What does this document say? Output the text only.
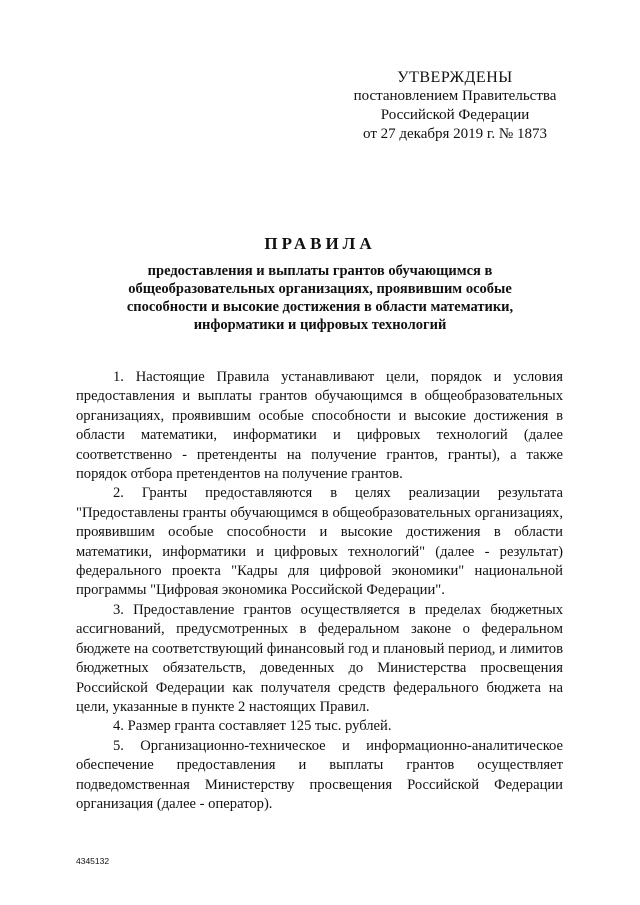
УТВЕРЖДЕНЫ
постановлением Правительства
Российской Федерации
от 27 декабря 2019 г. № 1873
ПРАВИЛА
предоставления и выплаты грантов обучающимся в общеобразовательных организациях, проявившим особые способности и высокие достижения в области математики, информатики и цифровых технологий

1. Настоящие Правила устанавливают цели, порядок и условия предоставления и выплаты грантов обучающимся в общеобразовательных организациях, проявившим особые способности и высокие достижения в области математики, информатики и цифровых технологий (далее соответственно - претенденты на получение грантов, гранты), а также порядок отбора претендентов на получение грантов.

2. Гранты предоставляются в целях реализации результата "Предоставлены гранты обучающимся в общеобразовательных организациях, проявившим особые способности и высокие достижения в области математики, информатики и цифровых технологий" (далее - результат) федерального проекта "Кадры для цифровой экономики" национальной программы "Цифровая экономика Российской Федерации".

3. Предоставление грантов осуществляется в пределах бюджетных ассигнований, предусмотренных в федеральном законе о федеральном бюджете на соответствующий финансовый год и плановый период, и лимитов бюджетных обязательств, доведенных до Министерства просвещения Российской Федерации как получателя средств федерального бюджета на цели, указанные в пункте 2 настоящих Правил.

4. Размер гранта составляет 125 тыс. рублей.

5. Организационно-техническое и информационно-аналитическое обеспечение предоставления и выплаты грантов осуществляет подведомственная Министерству просвещения Российской Федерации организация (далее - оператор).

4345132
